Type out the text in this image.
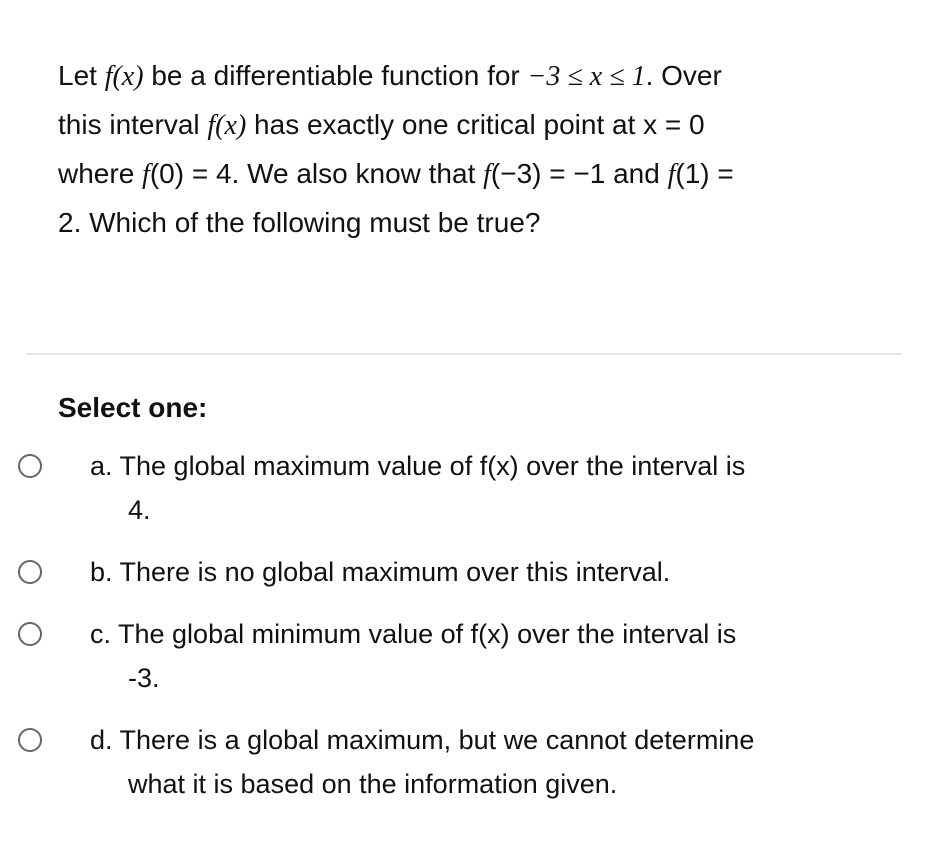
Let f(x) be a differentiable function for −3 ≤ x ≤ 1. Over
this interval f(x) has exactly one critical point at x = 0
where f(0) = 4. We also know that f(−3) = −1 and f(1) =
2. Which of the following must be true?
Select one:
a. The global maximum value of f(x) over the interval is
4.
b. There is no global maximum over this interval.
c. The global minimum value of f(x) over the interval is
-3.
d. There is a global maximum, but we cannot determine
what it is based on the information given.
